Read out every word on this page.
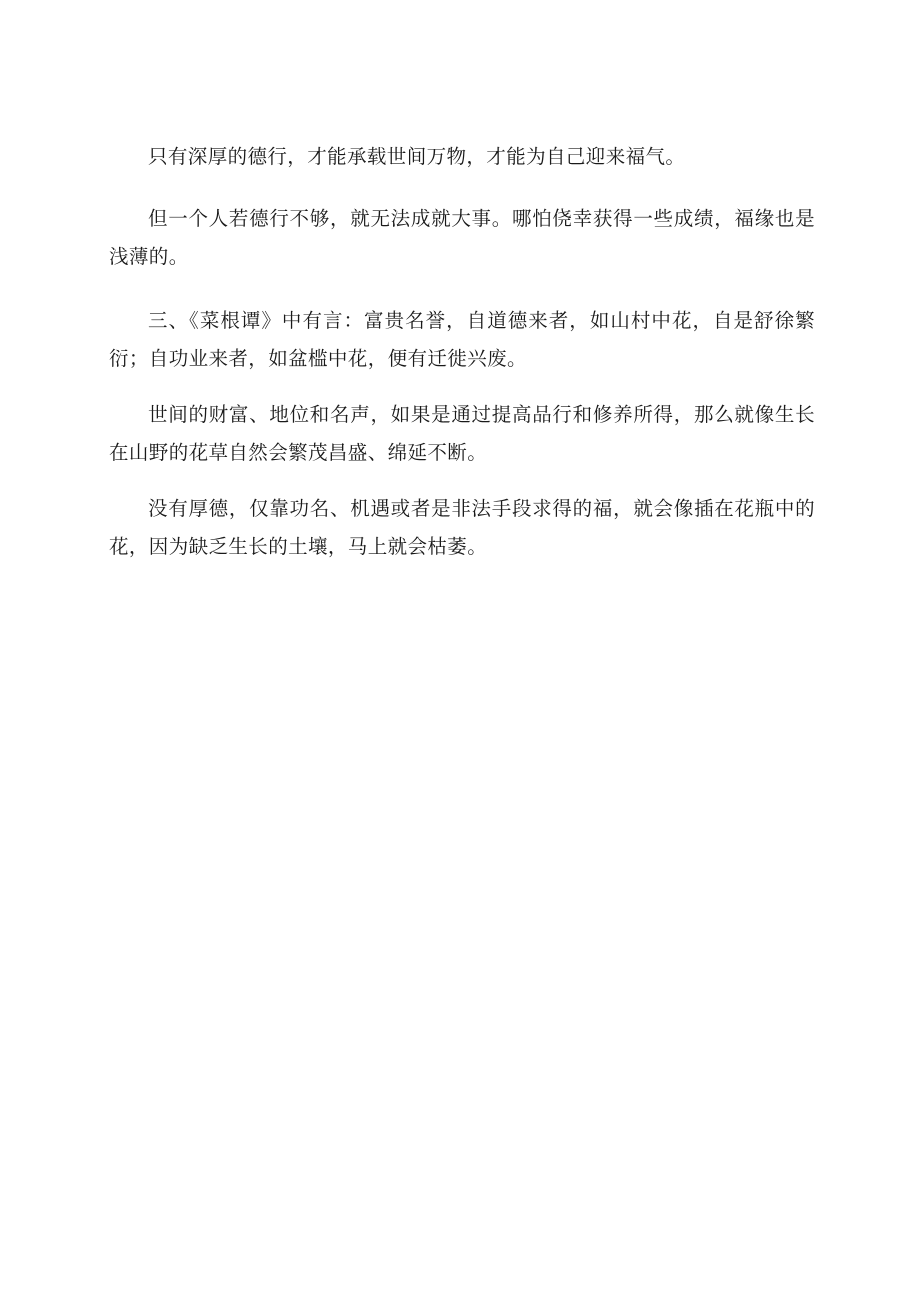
只有深厚的德行，才能承载世间万物，才能为自己迎来福气。

但一个人若德行不够，就无法成就大事。哪怕侥幸获得一些成绩，福缘也是浅薄的。

三、《菜根谭》中有言：富贵名誉，自道德来者，如山村中花，自是舒徐繁衍；自功业来者，如盆槛中花，便有迁徙兴废。

世间的财富、地位和名声，如果是通过提高品行和修养所得，那么就像生长在山野的花草自然会繁茂昌盛、绵延不断。

没有厚德，仅靠功名、机遇或者是非法手段求得的福，就会像插在花瓶中的花，因为缺乏生长的土壤，马上就会枯萎。
